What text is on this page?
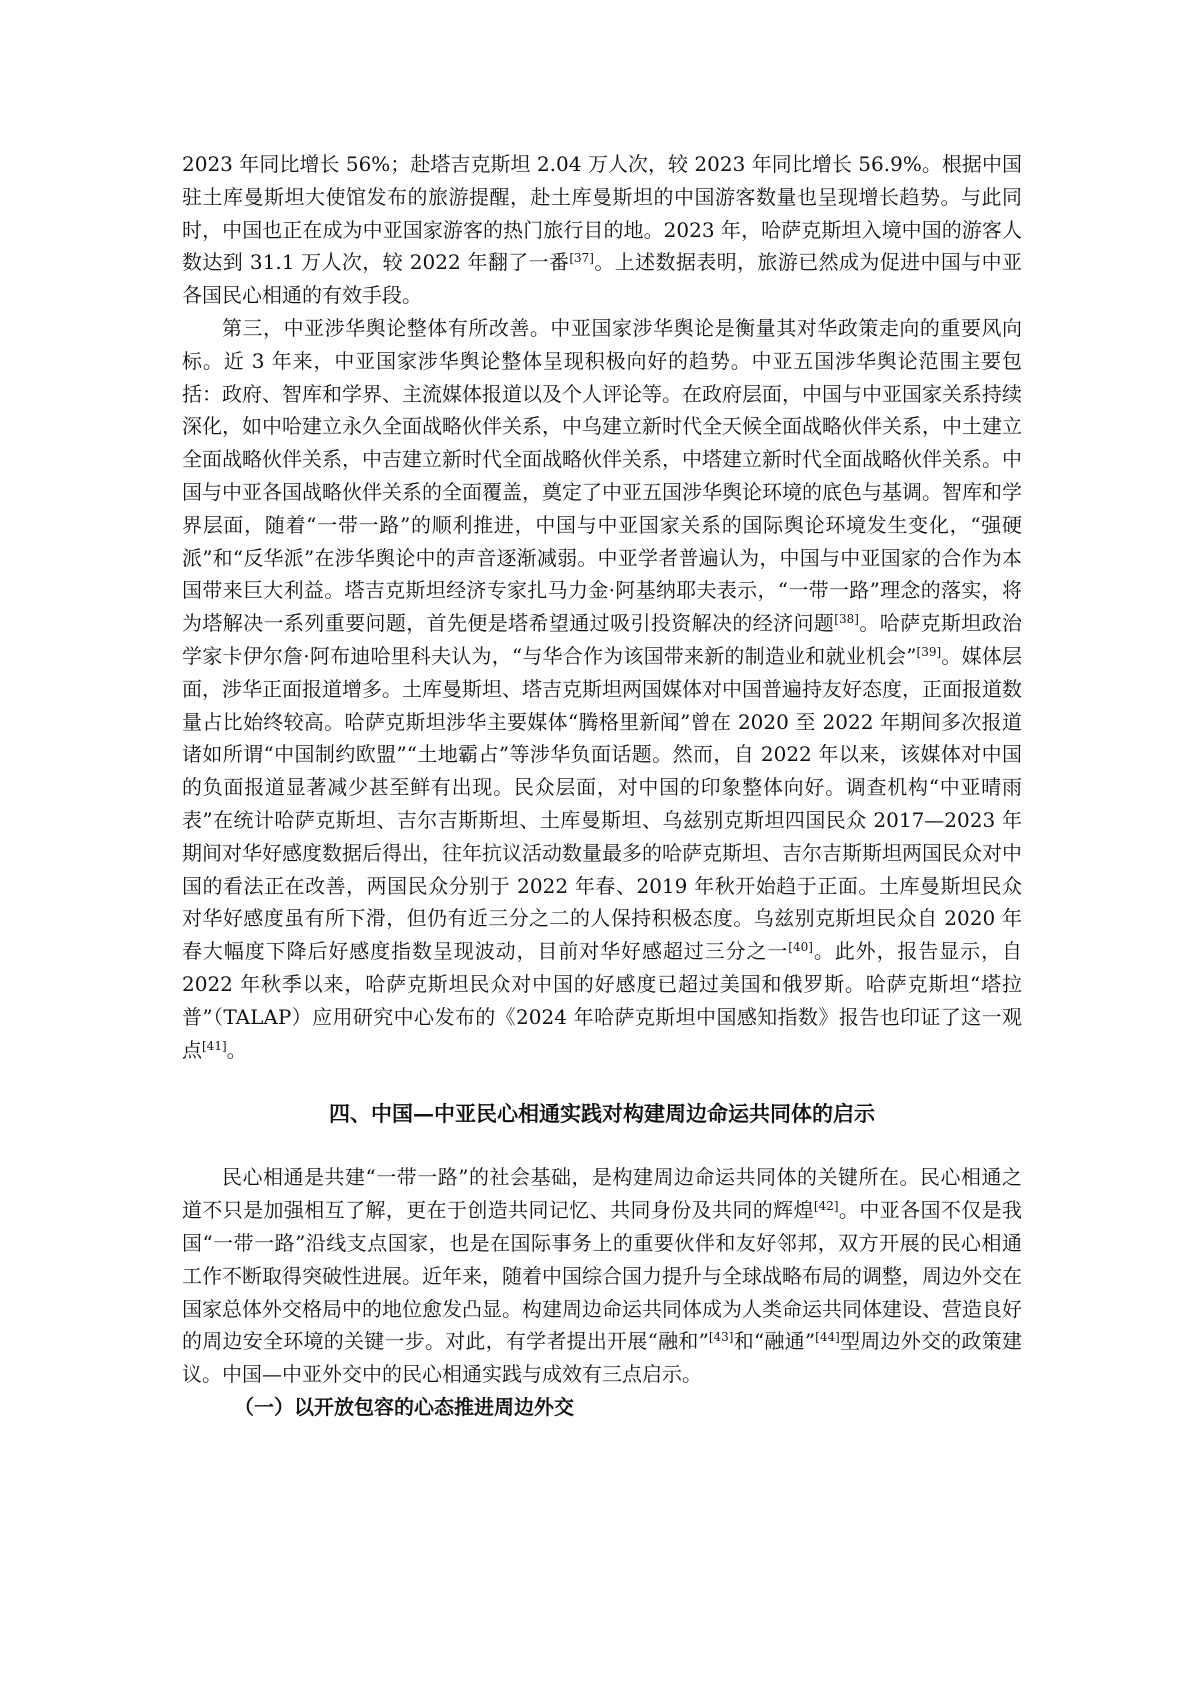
2023 年同比增长 56%；赴塔吉克斯坦 2.04 万人次，较 2023 年同比增长 56.9%。根据中国驻土库曼斯坦大使馆发布的旅游提醒，赴土库曼斯坦的中国游客数量也呈现增长趋势。与此同时，中国也正在成为中亚国家游客的热门旅行目的地。2023 年，哈萨克斯坦入境中国的游客人数达到 31.1 万人次，较 2022 年翻了一番[37]。上述数据表明，旅游已然成为促进中国与中亚各国民心相通的有效手段。

第三，中亚涉华舆论整体有所改善。中亚国家涉华舆论是衡量其对华政策走向的重要风向标。近 3 年来，中亚国家涉华舆论整体呈现积极向好的趋势。中亚五国涉华舆论范围主要包括：政府、智库和学界、主流媒体报道以及个人评论等。在政府层面，中国与中亚国家关系持续深化，如中哈建立永久全面战略伙伴关系，中乌建立新时代全天候全面战略伙伴关系，中土建立全面战略伙伴关系，中吉建立新时代全面战略伙伴关系，中塔建立新时代全面战略伙伴关系。中国与中亚各国战略伙伴关系的全面覆盖，奠定了中亚五国涉华舆论环境的底色与基调。智库和学界层面，随着“一带一路”的顺利推进，中国与中亚国家关系的国际舆论环境发生变化，“强硬派”和“反华派”在涉华舆论中的声音逐渐减弱。中亚学者普遍认为，中国与中亚国家的合作为本国带来巨大利益。塔吉克斯坦经济专家扎马力金·阿基纳耶夫表示，“一带一路”理念的落实，将为塔解决一系列重要问题，首先便是塔希望通过吸引投资解决的经济问题[38]。哈萨克斯坦政治学家卡伊尔詹·阿布迪哈里科夫认为，“与华合作为该国带来新的制造业和就业机会”[39]。媒体层面，涉华正面报道增多。土库曼斯坦、塔吉克斯坦两国媒体对中国普遍持友好态度，正面报道数量占比始终较高。哈萨克斯坦涉华主要媒体“腾格里新闻”曾在 2020 至 2022 年期间多次报道诸如所谓“中国制约欧盟”“土地霸占”等涉华负面话题。然而，自 2022 年以来，该媒体对中国的负面报道显著减少甚至鲜有出现。民众层面，对中国的印象整体向好。调查机构“中亚晴雨表”在统计哈萨克斯坦、吉尔吉斯斯坦、土库曼斯坦、乌兹别克斯坦四国民众 2017—2023 年期间对华好感度数据后得出，往年抗议活动数量最多的哈萨克斯坦、吉尔吉斯斯坦两国民众对中国的看法正在改善，两国民众分别于 2022 年春、2019 年秋开始趋于正面。土库曼斯坦民众对华好感度虽有所下滑，但仍有近三分之二的人保持积极态度。乌兹别克斯坦民众自 2020 年春大幅度下降后好感度指数呈现波动，目前对华好感超过三分之一[40]。此外，报告显示，自 2022 年秋季以来，哈萨克斯坦民众对中国的好感度已超过美国和俄罗斯。哈萨克斯坦“塔拉普”（TALAP）应用研究中心发布的《2024 年哈萨克斯坦中国感知指数》报告也印证了这一观点[41]。

四、中国—中亚民心相通实践对构建周边命运共同体的启示

民心相通是共建“一带一路”的社会基础，是构建周边命运共同体的关键所在。民心相通之道不只是加强相互了解，更在于创造共同记忆、共同身份及共同的辉煌[42]。中亚各国不仅是我国“一带一路”沿线支点国家，也是在国际事务上的重要伙伴和友好邻邦，双方开展的民心相通工作不断取得突破性进展。近年来，随着中国综合国力提升与全球战略布局的调整，周边外交在国家总体外交格局中的地位愈发凸显。构建周边命运共同体成为人类命运共同体建设、营造良好的周边安全环境的关键一步。对此，有学者提出开展“融和”[43]和“融通”[44]型周边外交的政策建议。中国—中亚外交中的民心相通实践与成效有三点启示。

（一）以开放包容的心态推进周边外交
